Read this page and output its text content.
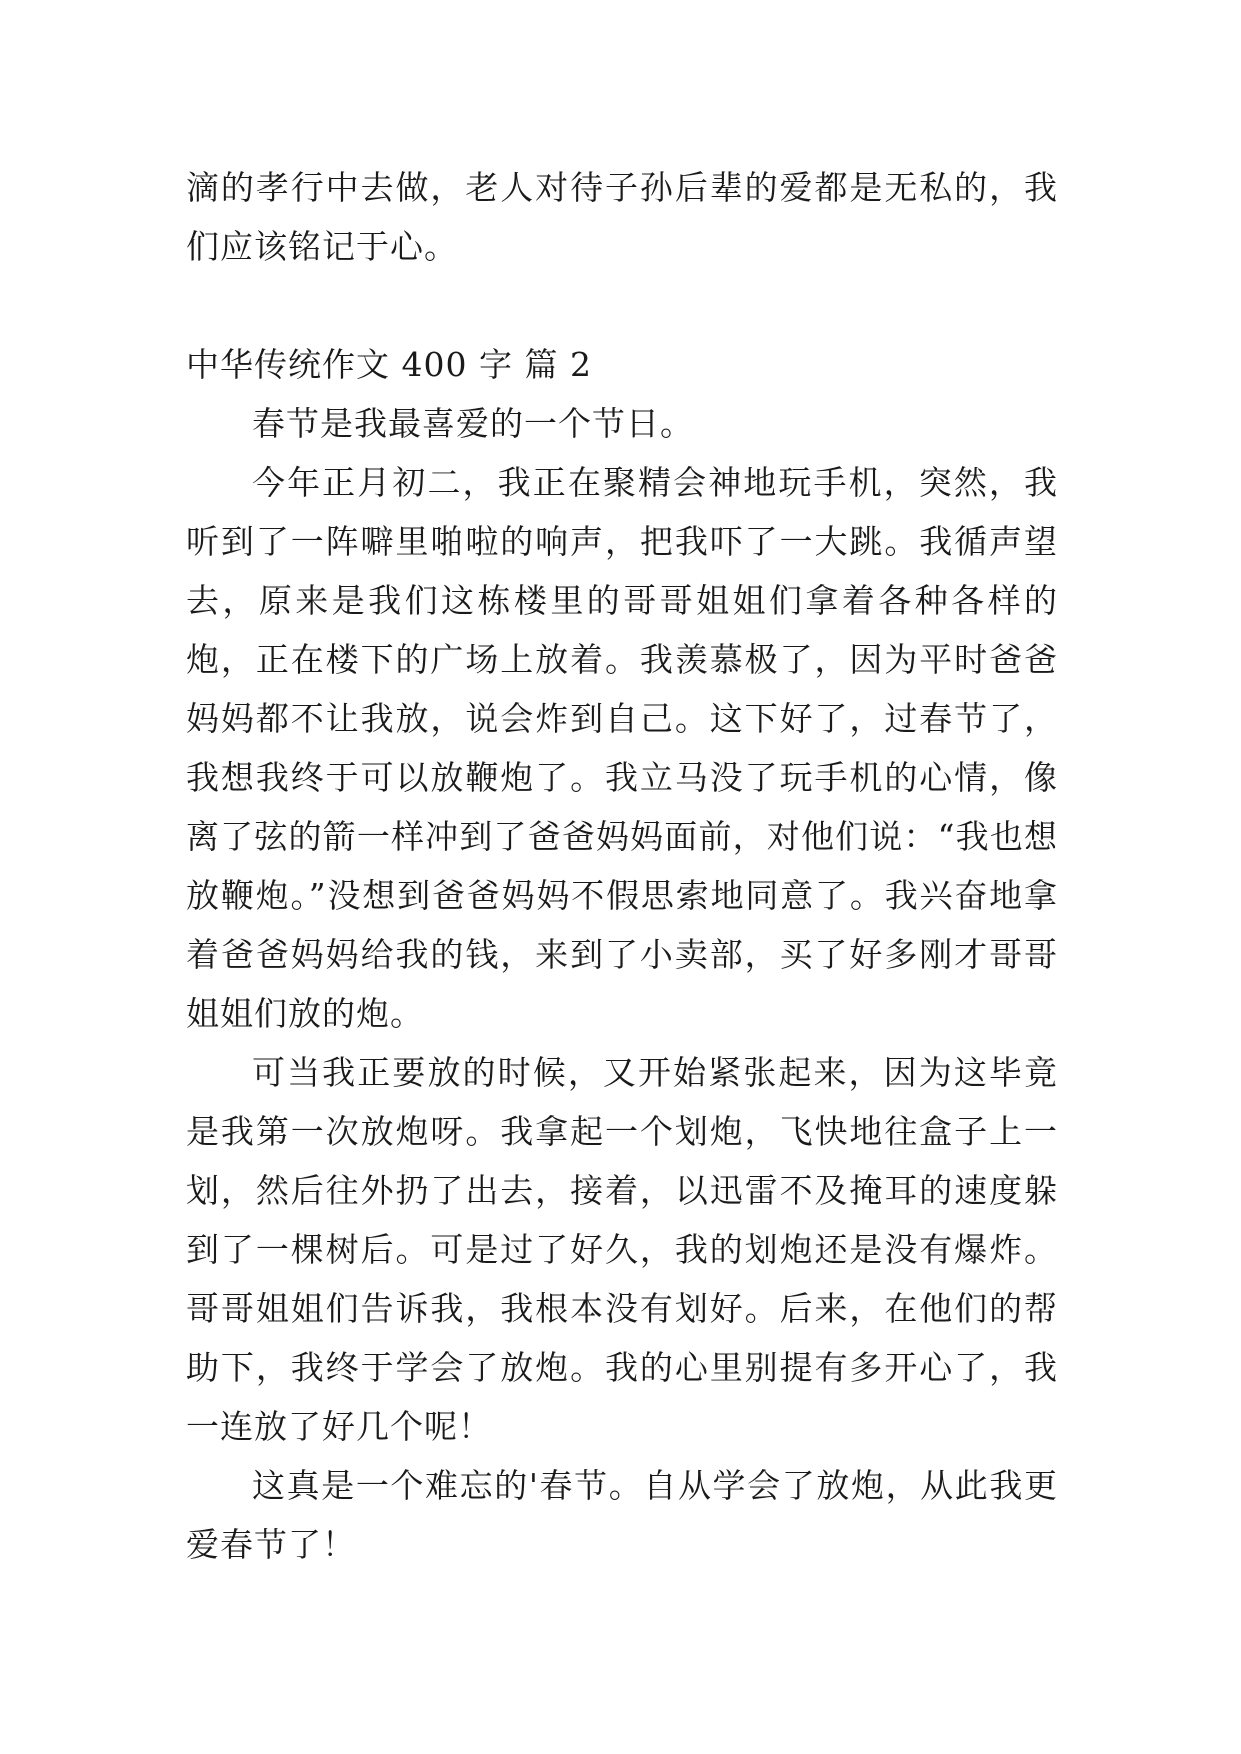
滴的孝行中去做，老人对待子孙后辈的爱都是无私的，我们应该铭记于心。

中华传统作文 400 字 篇 2

春节是我最喜爱的一个节日。

今年正月初二，我正在聚精会神地玩手机，突然，我听到了一阵噼里啪啦的响声，把我吓了一大跳。我循声望去，原来是我们这栋楼里的哥哥姐姐们拿着各种各样的炮，正在楼下的广场上放着。我羡慕极了，因为平时爸爸妈妈都不让我放，说会炸到自己。这下好了，过春节了，我想我终于可以放鞭炮了。我立马没了玩手机的心情，像离了弦的箭一样冲到了爸爸妈妈面前，对他们说：“我也想放鞭炮。”没想到爸爸妈妈不假思索地同意了。我兴奋地拿着爸爸妈妈给我的钱，来到了小卖部，买了好多刚才哥哥姐姐们放的炮。

可当我正要放的时候，又开始紧张起来，因为这毕竟是我第一次放炮呀。我拿起一个划炮，飞快地往盒子上一划，然后往外扔了出去，接着，以迅雷不及掩耳的速度躲到了一棵树后。可是过了好久，我的划炮还是没有爆炸。哥哥姐姐们告诉我，我根本没有划好。后来，在他们的帮助下，我终于学会了放炮。我的心里别提有多开心了，我一连放了好几个呢！

这真是一个难忘的'春节。自从学会了放炮，从此我更爱春节了！
